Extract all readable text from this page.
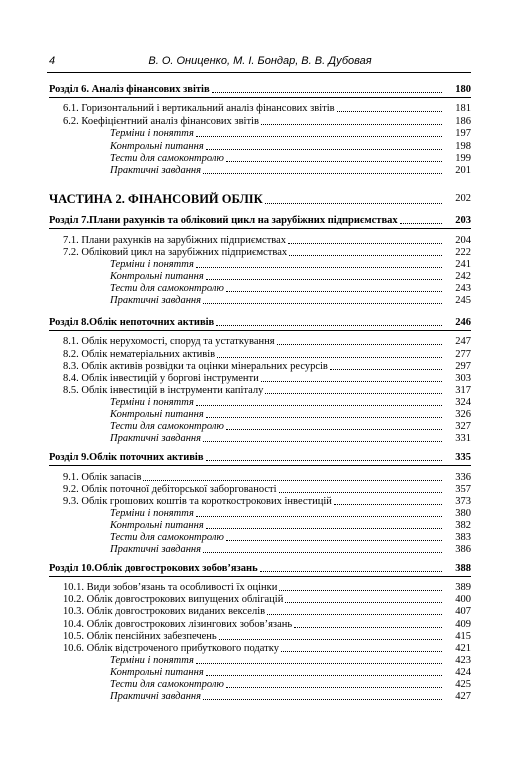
4	В. О. Ониценко, М. І. Бондар, В. В. Дубовая
Розділ 6. Аналіз фінансових звітів	180
6.1. Горизонтальний і вертикальний аналіз фінансових звітів	181
6.2. Коефіцієнтний аналіз фінансових звітів	186
Терміни і поняття	197
Контрольні питання	198
Тести для самоконтролю	199
Практичні завдання	201
ЧАСТИНА 2. ФІНАНСОВИЙ ОБЛІК	202
Розділ 7.Плани рахунків та обліковий цикл на зарубіжних підприємствах	203
7.1. Плани рахунків на зарубіжних підприємствах	204
7.2. Обліковий цикл на зарубіжних підприємствах	222
Терміни і поняття	241
Контрольні питання	242
Тести для самоконтролю	243
Практичні завдання	245
Розділ 8.Облік непоточних активів	246
8.1. Облік нерухомості, споруд та устаткування	247
8.2. Облік нематеріальних активів	277
8.3. Облік активів розвідки та оцінки мінеральних ресурсів	297
8.4. Облік інвестицій у боргові інструменти	303
8.5. Облік інвестицій в інструменти капіталу	317
Терміни і поняття	324
Контрольні питання	326
Тести для самоконтролю	327
Практичні завдання	331
Розділ 9.Облік поточних активів	335
9.1. Облік запасів	336
9.2. Облік поточної дебіторської заборгованості	357
9.3. Облік грошових коштів та короткострокових інвестицій	373
Терміни і поняття	380
Контрольні питання	382
Тести для самоконтролю	383
Практичні завдання	386
Розділ 10.Облік довгострокових зобов’язань	388
10.1. Види зобов’язань та особливості їх оцінки	389
10.2. Облік довгострокових випущених облігацій	400
10.3. Облік довгострокових виданих векселів	407
10.4. Облік довгострокових лізингових зобов’язань	409
10.5. Облік пенсійних забезпечень	415
10.6. Облік відстроченого прибуткового податку	421
Терміни і поняття	423
Контрольні питання	424
Тести для самоконтролю	425
Практичні завдання	427
